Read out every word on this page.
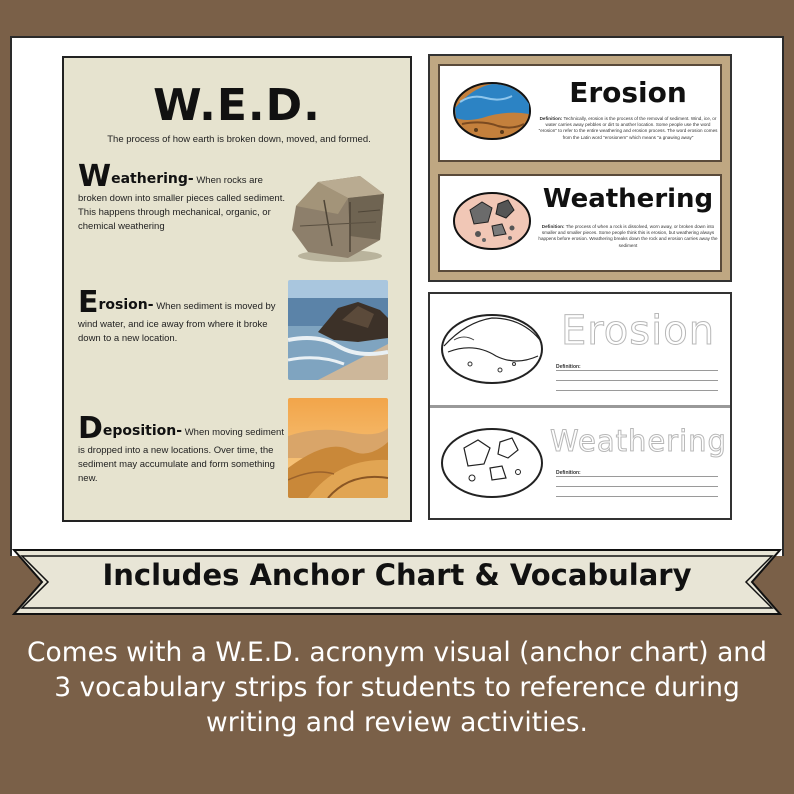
W.E.D.
The process of how earth is broken down, moved, and formed.
Weathering- When rocks are broken down into smaller pieces called sediment. This happens through mechanical, organic, or chemical weathering
Erosion- When sediment is moved by wind water, and ice away from where it broke down to a new location.
Deposition- When moving sediment is dropped into a new locations. Over time, the sediment may accumulate and form something new.
Erosion
Definition: Technically, erosion is the process of the removal of sediment. Wind, ice, or water carries away pebbles or dirt to another location. Some people use the word "erosion" to refer to the entire weathering and erosion process. The word erosion comes from the Latin word "erosionem" which means "a gnawing away"
Weathering
Definition: The process of when a rock is dissolved, worn away, or broken down into smaller and smaller pieces. Some people think this is erosion, but weathering always happens before erosion. Weathering breaks down the rock and erosion carries away the sediment
Erosion
Definition:
Weathering
Definition:
Includes Anchor Chart & Vocabulary
Comes with a W.E.D. acronym visual (anchor chart) and 3 vocabulary strips for students to reference during writing and review activities.
